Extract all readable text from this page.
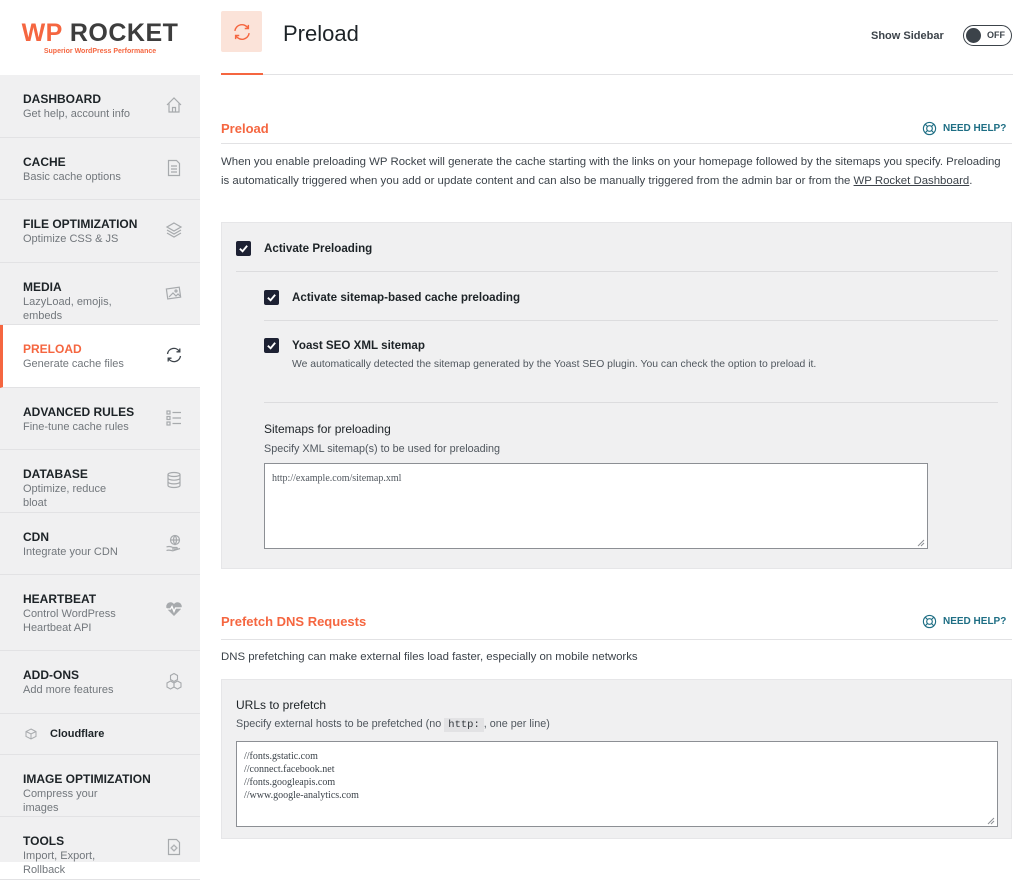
WP ROCKET
Superior WordPress Performance
DASHBOARD
Get help, account info
CACHE
Basic cache options
FILE OPTIMIZATION
Optimize CSS & JS
MEDIA
LazyLoad, emojis, embeds
PRELOAD
Generate cache files
ADVANCED RULES
Fine-tune cache rules
DATABASE
Optimize, reduce bloat
CDN
Integrate your CDN
HEARTBEAT
Control WordPress Heartbeat API
ADD-ONS
Add more features
Cloudflare
IMAGE OPTIMIZATION
Compress your images
TOOLS
Import, Export, Rollback
Preload	Show Sidebar	OFF
Preload	NEED HELP?
When you enable preloading WP Rocket will generate the cache starting with the links on your homepage followed by the sitemaps you specify. Preloading is automatically triggered when you add or update content and can also be manually triggered from the admin bar or from the WP Rocket Dashboard.
Activate Preloading
Activate sitemap-based cache preloading
Yoast SEO XML sitemap
We automatically detected the sitemap generated by the Yoast SEO plugin. You can check the option to preload it.
Sitemaps for preloading
Specify XML sitemap(s) to be used for preloading
http://example.com/sitemap.xml
Prefetch DNS Requests	NEED HELP?
DNS prefetching can make external files load faster, especially on mobile networks
URLs to prefetch
Specify external hosts to be prefetched (no http: , one per line)
//fonts.gstatic.com
//connect.facebook.net
//fonts.googleapis.com
//www.google-analytics.com
